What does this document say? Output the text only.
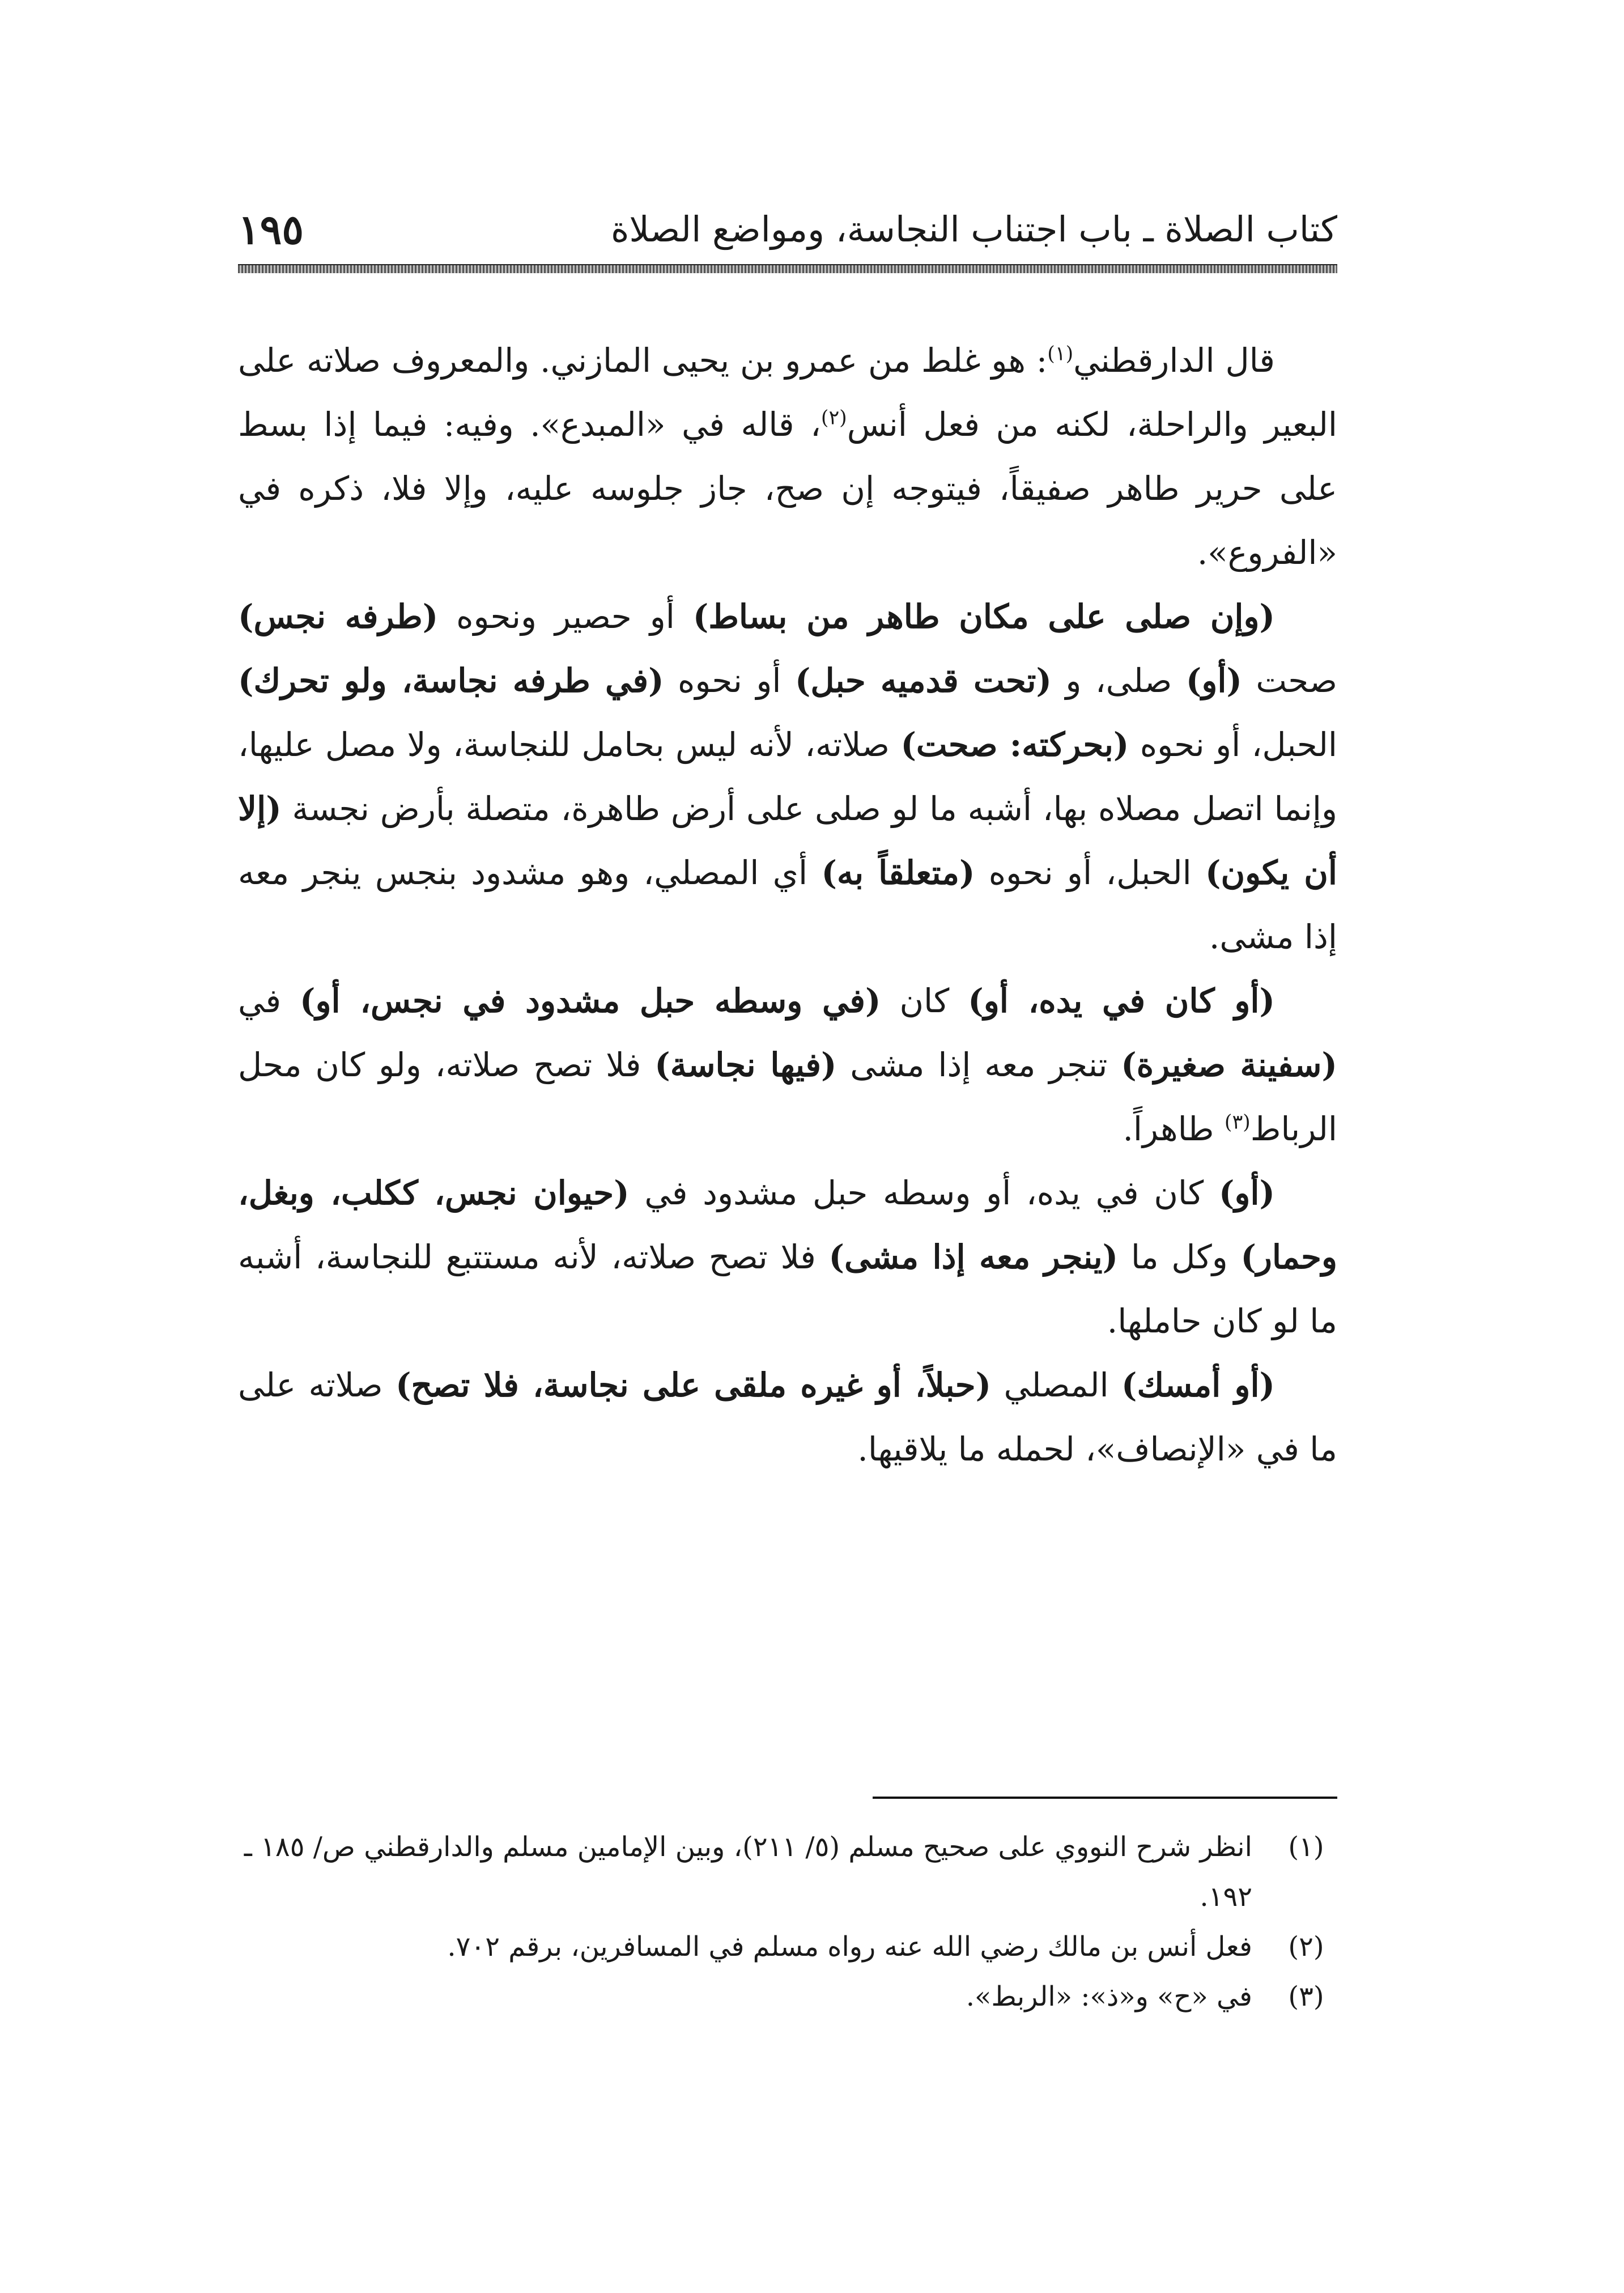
كتاب الصلاة ـ باب اجتناب النجاسة، ومواضع الصلاة
١٩٥

قال الدارقطني$^{(١)}$: هو غلط من عمرو بن يحيى المازني. والمعروف صلاته على البعير والراحلة، لكنه من فعل أنس$^{(٢)}$، قاله في «المبدع». وفيه: فيما إذا بسط على حرير طاهر صفيقاً، فيتوجه إن صح، جاز جلوسه عليه، وإلا فلا، ذكره في «الفروع».

(وإن صلى على مكان طاهر من بساط) أو حصير ونحوه (طرفه نجس) صحت (أو) صلى، و (تحت قدميه حبل) أو نحوه (في طرفه نجاسة، ولو تحرك) الحبل، أو نحوه (بحركته: صحت) صلاته، لأنه ليس بحامل للنجاسة، ولا مصل عليها، وإنما اتصل مصلاه بها، أشبه ما لو صلى على أرض طاهرة، متصلة بأرض نجسة (إلا أن يكون) الحبل، أو نحوه (متعلقاً به) أي المصلي، وهو مشدود بنجس ينجر معه إذا مشى.

(أو كان في يده، أو) كان (في وسطه حبل مشدود في نجس، أو) في (سفينة صغيرة) تنجر معه إذا مشى (فيها نجاسة) فلا تصح صلاته، ولو كان محل الرباط$^{(٣)}$ طاهراً.

(أو) كان في يده، أو وسطه حبل مشدود في (حيوان نجس، ككلب، وبغل، وحمار) وكل ما (ينجر معه إذا مشى) فلا تصح صلاته، لأنه مستتبع للنجاسة، أشبه ما لو كان حاملها.

(أو أمسك) المصلي (حبلاً، أو غيره ملقى على نجاسة، فلا تصح) صلاته على ما في «الإنصاف»، لحمله ما يلاقيها.

(١)
انظر شرح النووي على صحيح مسلم (٥/ ٢١١)، وبين الإمامين مسلم والدارقطني ص/ ١٨٥ ـ ١٩٢.

(٢)
فعل أنس بن مالك رضي الله عنه رواه مسلم في المسافرين، برقم ٧٠٢.

(٣)
في «ح» و«ذ»: «الربط».
